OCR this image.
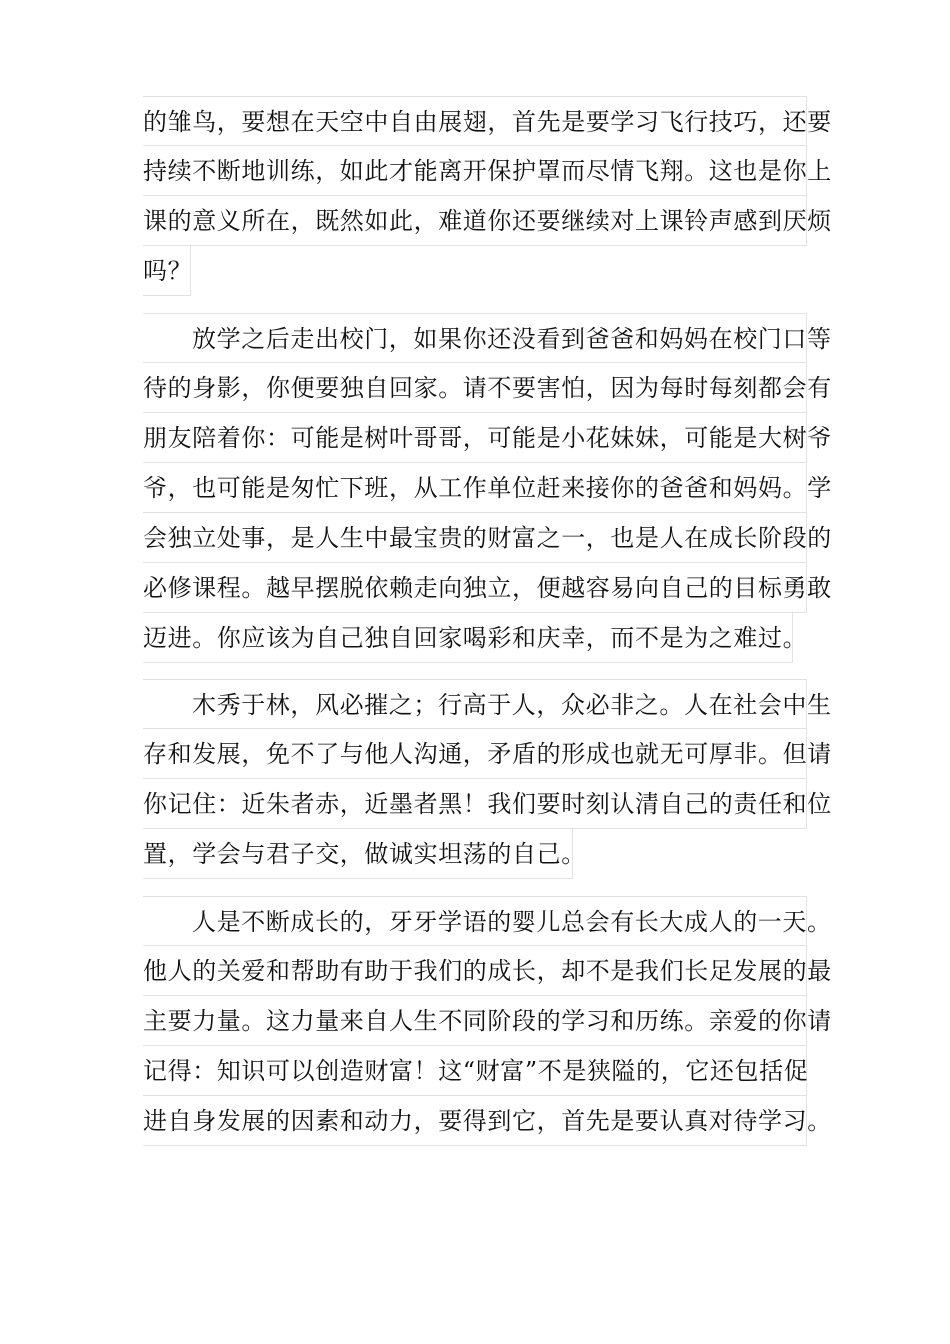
的雏鸟，要想在天空中自由展翅，首先是要学习飞行技巧，还要
持续不断地训练，如此才能离开保护罩而尽情飞翔。这也是你上
课的意义所在，既然如此，难道你还要继续对上课铃声感到厌烦
吗？
放学之后走出校门，如果你还没看到爸爸和妈妈在校门口等
待的身影，你便要独自回家。请不要害怕，因为每时每刻都会有
朋友陪着你：可能是树叶哥哥，可能是小花妹妹，可能是大树爷
爷，也可能是匆忙下班，从工作单位赶来接你的爸爸和妈妈。学
会独立处事，是人生中最宝贵的财富之一，也是人在成长阶段的
必修课程。越早摆脱依赖走向独立，便越容易向自己的目标勇敢
迈进。你应该为自己独自回家喝彩和庆幸，而不是为之难过。
木秀于林，风必摧之；行高于人，众必非之。人在社会中生
存和发展，免不了与他人沟通，矛盾的形成也就无可厚非。但请
你记住：近朱者赤，近墨者黑！我们要时刻认清自己的责任和位
置，学会与君子交，做诚实坦荡的自己。
人是不断成长的，牙牙学语的婴儿总会有长大成人的一天。
他人的关爱和帮助有助于我们的成长，却不是我们长足发展的最
主要力量。这力量来自人生不同阶段的学习和历练。亲爱的你请
记得：知识可以创造财富！这“财富”不是狭隘的，它还包括促
进自身发展的因素和动力，要得到它，首先是要认真对待学习。
